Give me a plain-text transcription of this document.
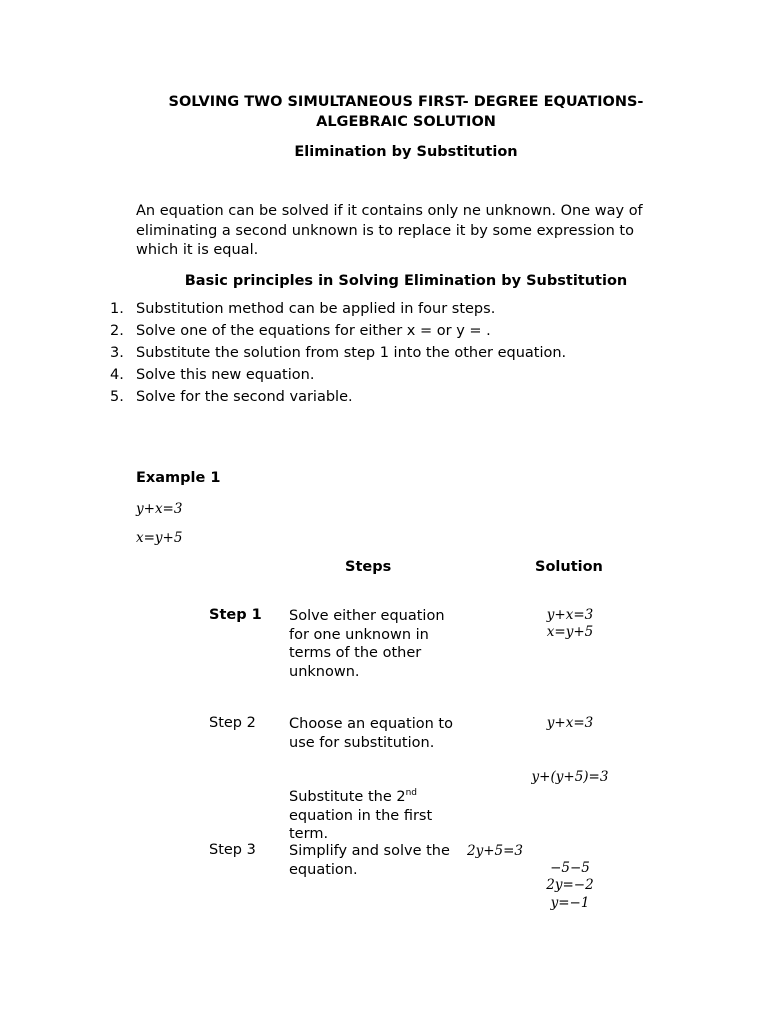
SOLVING TWO SIMULTANEOUS FIRST- DEGREE EQUATIONS-
ALGEBRAIC SOLUTION
Elimination by Substitution
An equation can be solved if it contains only ne unknown. One way of eliminating a second unknown is to replace it by some expression to which it is equal.
Basic principles in Solving Elimination by Substitution
1. Substitution method can be applied in four steps.
2. Solve one of the equations for either x = or y = .
3. Substitute the solution from step 1 into the other equation.
4. Solve this new equation.
5. Solve for the second variable.
Example 1
y+x=3
x=y+5
Steps	Solution
Step 1 Solve either equation for one unknown in terms of the other unknown.
y+x=3
x=y+5
Step 2 Choose an equation to use for substitution.
Substitute the 2nd equation in the first term.
y+x=3
y+(y+5)=3
Step 3 Simplify and solve the equation.
2y+5=3
−5−5
2y=−2
y=−1
